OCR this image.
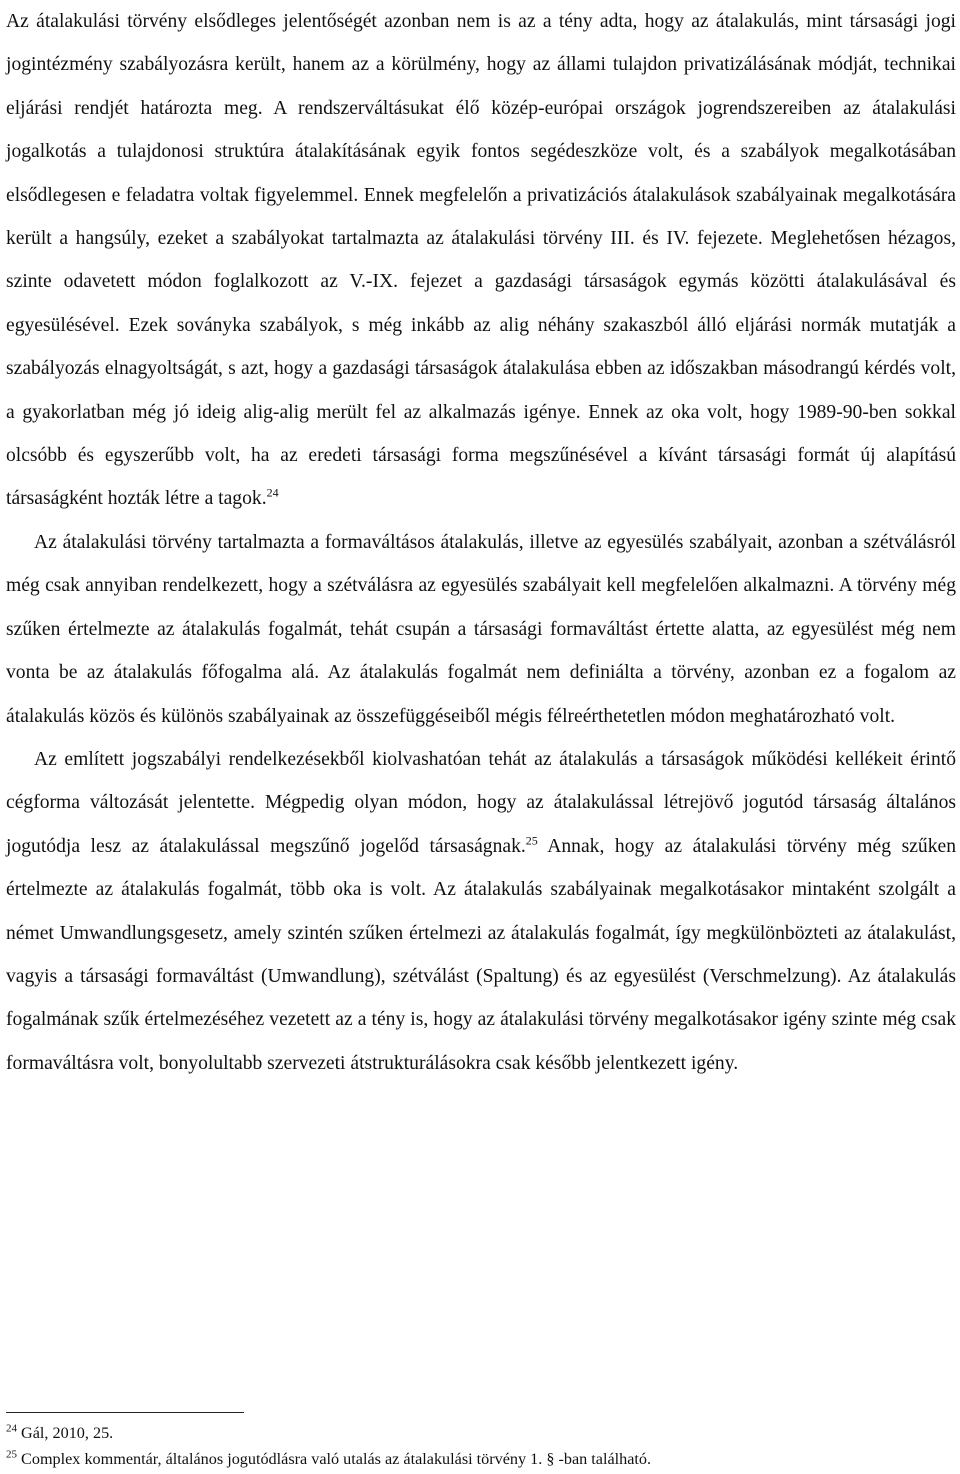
Az átalakulási törvény elsődleges jelentőségét azonban nem is az a tény adta, hogy az átalakulás, mint társasági jogi jogintézmény szabályozásra került, hanem az a körülmény, hogy az állami tulajdon privatizálásának módját, technikai eljárási rendjét határozta meg. A rendszerváltásukat élő közép-európai országok jogrendszereiben az átalakulási jogalkotás a tulajdonosi struktúra átalakításának egyik fontos segédeszköze volt, és a szabályok megalkotásában elsődlegesen e feladatra voltak figyelemmel. Ennek megfelelőn a privatizációs átalakulások szabályainak megalkotására került a hangsúly, ezeket a szabályokat tartalmazta az átalakulási törvény III. és IV. fejezete. Meglehetősen hézagos, szinte odavetett módon foglalkozott az V.-IX. fejezet a gazdasági társaságok egymás közötti átalakulásával és egyesülésével. Ezek soványka szabályok, s még inkább az alig néhány szakaszból álló eljárási normák mutatják a szabályozás elnagyoltságát, s azt, hogy a gazdasági társaságok átalakulása ebben az időszakban másodrangú kérdés volt, a gyakorlatban még jó ideig alig-alig merült fel az alkalmazás igénye. Ennek az oka volt, hogy 1989-90-ben sokkal olcsóbb és egyszerűbb volt, ha az eredeti társasági forma megszűnésével a kívánt társasági formát új alapítású társaságként hozták létre a tagok.$^{24}$

Az átalakulási törvény tartalmazta a formaváltásos átalakulás, illetve az egyesülés szabályait, azonban a szétválásról még csak annyiban rendelkezett, hogy a szétválásra az egyesülés szabályait kell megfelelően alkalmazni. A törvény még szűken értelmezte az átalakulás fogalmát, tehát csupán a társasági formaváltást értette alatta, az egyesülést még nem vonta be az átalakulás főfogalma alá. Az átalakulás fogalmát nem definiálta a törvény, azonban ez a fogalom az átalakulás közös és különös szabályainak az összefüggéseiből mégis félreérthetetlen módon meghatározható volt.

Az említett jogszabályi rendelkezésekből kiolvashatóan tehát az átalakulás a társaságok működési kellékeit érintő cégforma változását jelentette. Mégpedig olyan módon, hogy az átalakulással létrejövő jogutód társaság általános jogutódja lesz az átalakulással megszűnő jogelőd társaságnak.$^{25}$ Annak, hogy az átalakulási törvény még szűken értelmezte az átalakulás fogalmát, több oka is volt. Az átalakulás szabályainak megalkotásakor mintaként szolgált a német Umwandlungsgesetz, amely szintén szűken értelmezi az átalakulás fogalmát, így megkülönbözteti az átalakulást, vagyis a társasági formaváltást (Umwandlung), szétválást (Spaltung) és az egyesülést (Verschmelzung). Az átalakulás fogalmának szűk értelmezéséhez vezetett az a tény is, hogy az átalakulási törvény megalkotásakor igény szinte még csak formaváltásra volt, bonyolultabb szervezeti átstrukturálásokra csak később jelentkezett igény.

$^{24}$ Gál, 2010, 25.

$^{25}$ Complex kommentár, általános jogutódlásra való utalás az átalakulási törvény 1. § -ban található.
